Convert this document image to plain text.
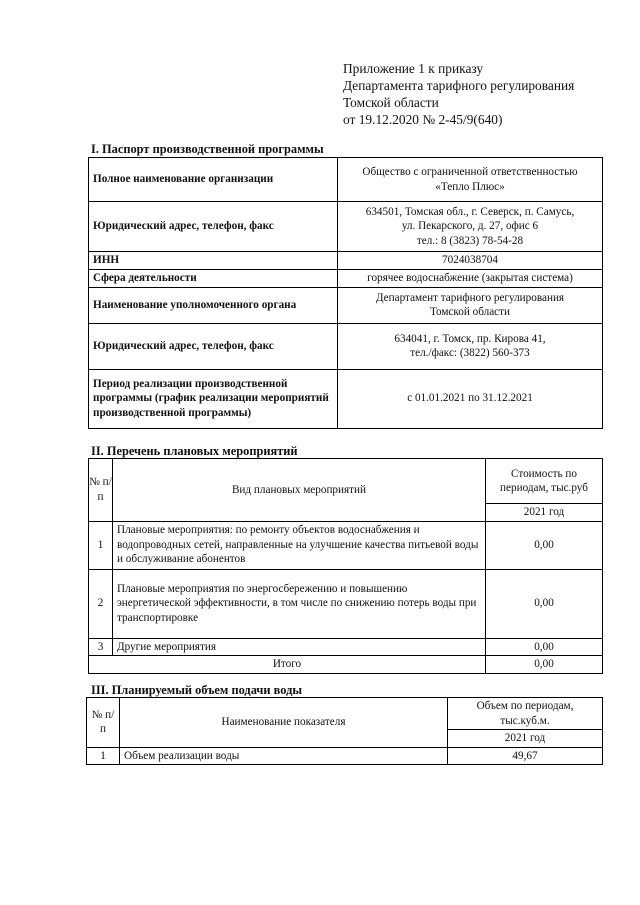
Приложение 1 к приказу
Департамента тарифного регулирования
Томской области
от 19.12.2020 № 2-45/9(640)
I. Паспорт производственной программы
Полное наименование организации	Общество с ограниченной ответственностью
«Тепло Плюс»

Юридический адрес, телефон, факс	634501, Томская обл., г. Северск, п. Самусь,
ул. Пекарского, д. 27, офис 6
тел.: 8 (3823) 78-54-28

ИНН	7024038704
Сфера деятельности	горячее водоснабжение (закрытая система)
Наименование уполномоченного органа	Департамент тарифного регулирования
Томской области

Юридический адрес, телефон, факс	634041, г. Томск, пр. Кирова 41,
тел./факс: (3822) 560-373

Период реализации производственной программы (график реализации мероприятий производственной программы)	с 01.01.2021 по 31.12.2021
II. Перечень плановых мероприятий
№ п/п	Вид плановых мероприятий	Стоимость по периодам, тыс.руб
		2021 год
1	Плановые мероприятия: по ремонту объектов водоснабжения и водопроводных сетей, направленные на улучшение качества питьевой воды и обслуживание абонентов	0,00
2	Плановые мероприятия по энергосбережению и повышению энергетической эффективности, в том числе по снижению потерь воды при транспортировке	0,00
3	Другие мероприятия	0,00
Итого		0,00
III. Планируемый объем подачи воды
№ п/п	Наименование показателя	Объем по периодам, тыс.куб.м.
		2021 год
1	Объем реализации воды	49,67
